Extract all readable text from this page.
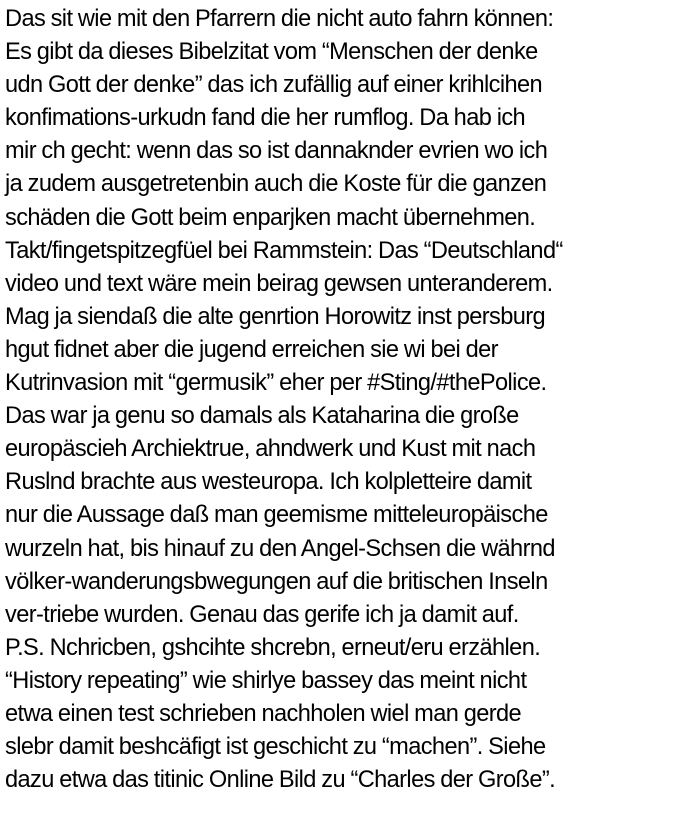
Das sit wie mit den Pfarrern die nicht auto fahrn können:
Es gibt da dieses Bibelzitat vom “Menschen der denke
udn Gott der denke” das ich zufällig auf einer krihlcihen
konfimations-urkudn fand die her rumflog. Da hab ich
mir ch gecht: wenn das so ist dannaknder evrien wo ich
ja zudem ausgetretenbin auch die Koste für die ganzen
schäden die Gott beim enparjken macht übernehmen.
Takt/fingetspitzegfüel bei Rammstein: Das “Deutschland“
video und text wäre mein beirag gewsen unteranderem.
Mag ja siendaß die alte genrtion Horowitz inst persburg
hgut fidnet aber die jugend erreichen sie wi bei der
Kutrinvasion mit “germusik” eher per #Sting/#thePolice.
Das war ja genu so damals als Kataharina die große
europäscieh Archiektrue, ahndwerk und Kust mit nach
Ruslnd brachte aus westeuropa. Ich kolpletteire damit
nur die Aussage daß man geemisme mitteleuropäische
wurzeln hat, bis hinauf zu den Angel-Schsen die währnd
völker-wanderungsbwegungen auf die britischen Inseln
ver-triebe wurden. Genau das gerife ich ja damit auf.
P.S. Nchricben, gshcihte shcrebn, erneut/eru erzählen.
“History repeating” wie shirlye bassey das meint nicht
etwa einen test schrieben nachholen wiel man gerde
slebr damit beshcäfigt ist geschicht zu “machen”. Siehe
dazu etwa das titinic Online Bild zu “Charles der Große”.
